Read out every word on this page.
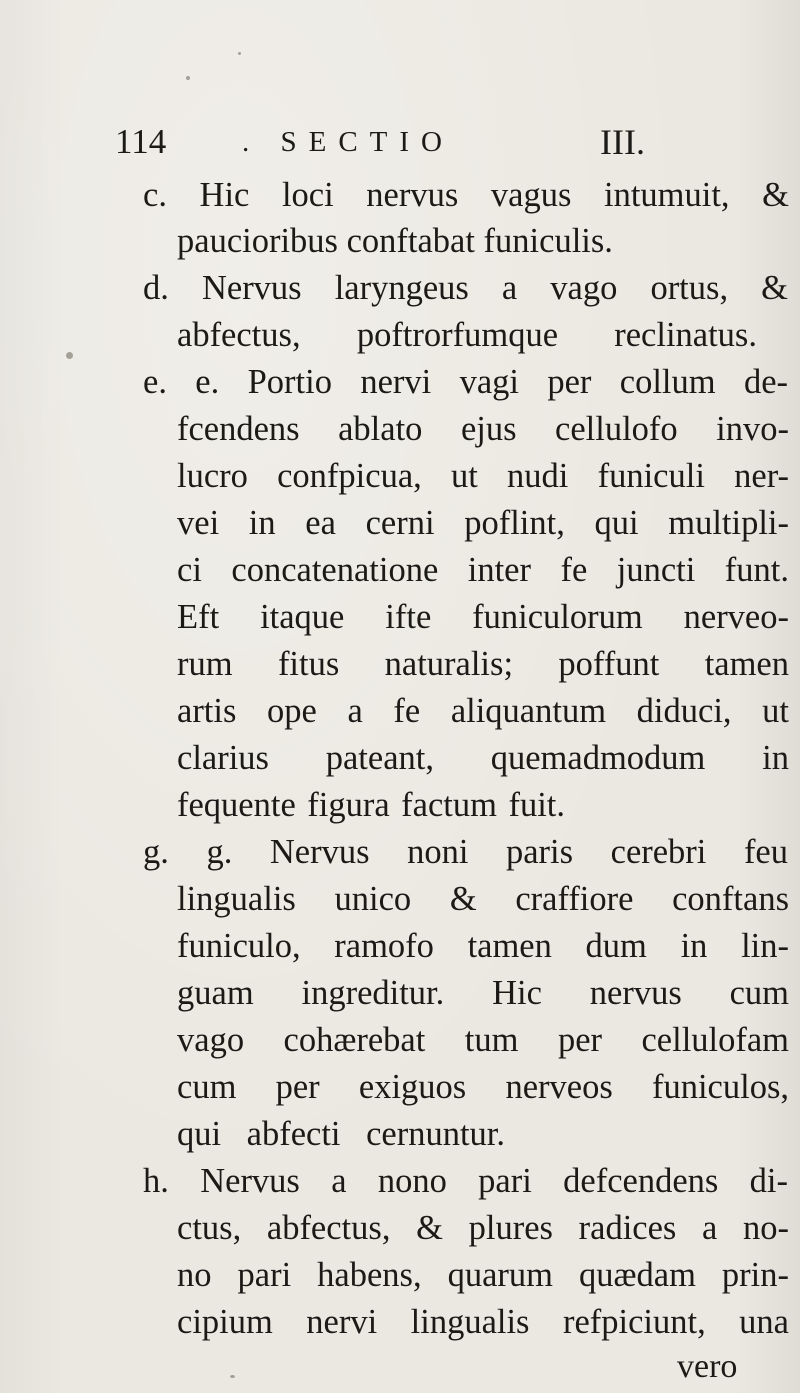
114	. SECTIO	III.
c. Hic loci nervus vagus intumuit, &
paucioribus conftabat funiculis.
d. Nervus laryngeus a vago ortus, &
abfectus, poftrorfumque reclinatus.
e. e. Portio nervi vagi per collum de-
fcendens ablato ejus cellulofo invo-
lucro confpicua, ut nudi funiculi ner-
vei in ea cerni poflint, qui multipli-
ci concatenatione inter fe juncti funt.
Eft itaque ifte funiculorum nerveo-
rum fitus naturalis; poffunt tamen
artis ope a fe aliquantum diduci, ut
clarius pateant, quemadmodum in
fequente figura factum fuit.
g. g. Nervus noni paris cerebri feu
lingualis unico & craffiore conftans
funiculo, ramofo tamen dum in lin-
guam ingreditur. Hic nervus cum
vago cohærebat tum per cellulofam
cum per exiguos nerveos funiculos,
qui abfecti cernuntur.
h. Nervus a nono pari defcendens di-
ctus, abfectus, & plures radices a no-
no pari habens, quarum quædam prin-
cipium nervi lingualis refpiciunt, una
vero
